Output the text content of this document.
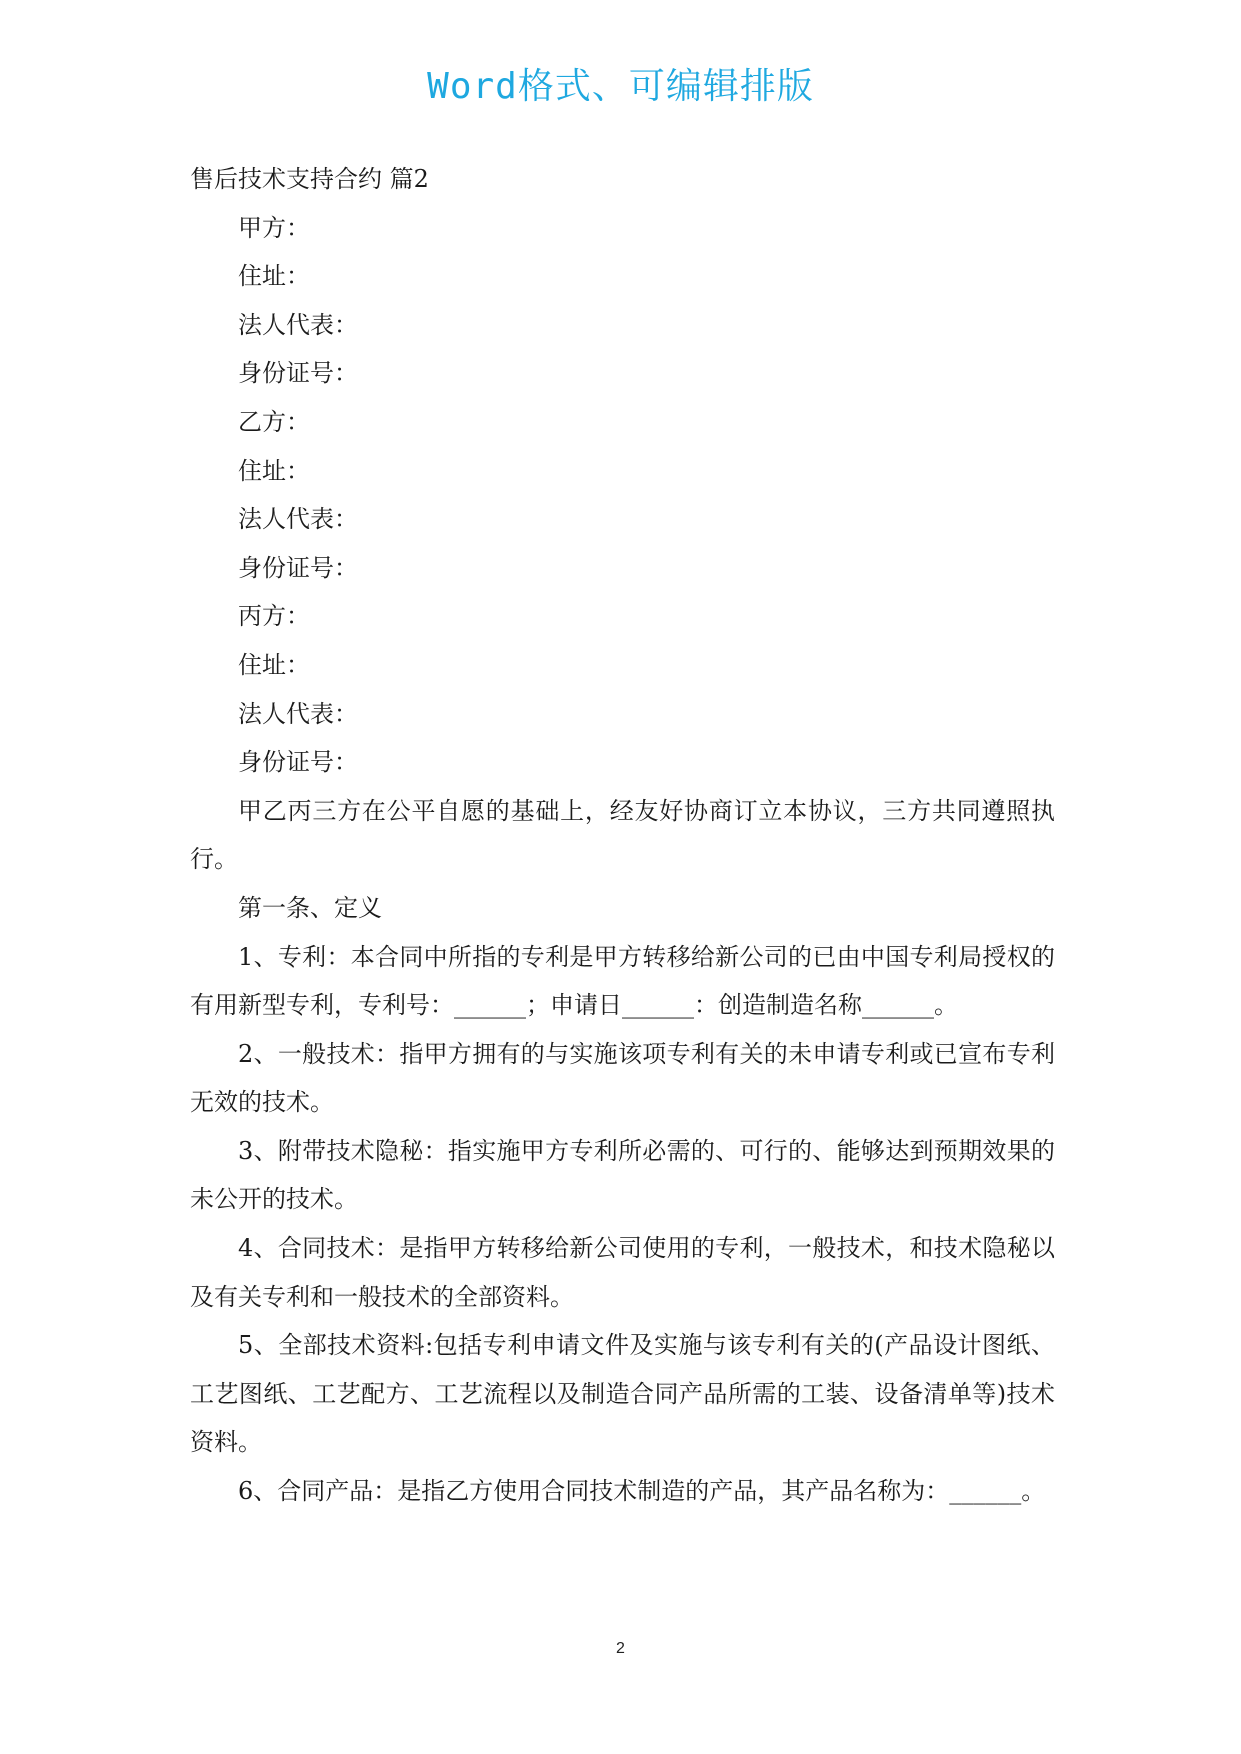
Word格式、可编辑排版

售后技术支持合约 篇2

甲方：

住址：

法人代表：

身份证号：

乙方：

住址：

法人代表：

身份证号：

丙方：

住址：

法人代表：

身份证号：

甲乙丙三方在公平自愿的基础上，经友好协商订立本协议，三方共同遵照执行。

第一条、定义

1、专利：本合同中所指的专利是甲方转移给新公司的已由中国专利局授权的有用新型专利，专利号：______；申请日______：创造制造名称______。

2、一般技术：指甲方拥有的与实施该项专利有关的未申请专利或已宣布专利无效的技术。

3、附带技术隐秘：指实施甲方专利所必需的、可行的、能够达到预期效果的未公开的技术。

4、合同技术：是指甲方转移给新公司使用的专利，一般技术，和技术隐秘以及有关专利和一般技术的全部资料。

5、全部技术资料:包括专利申请文件及实施与该专利有关的(产品设计图纸、工艺图纸、工艺配方、工艺流程以及制造合同产品所需的工装、设备清单等)技术资料。

6、合同产品：是指乙方使用合同技术制造的产品，其产品名称为：______。

2
